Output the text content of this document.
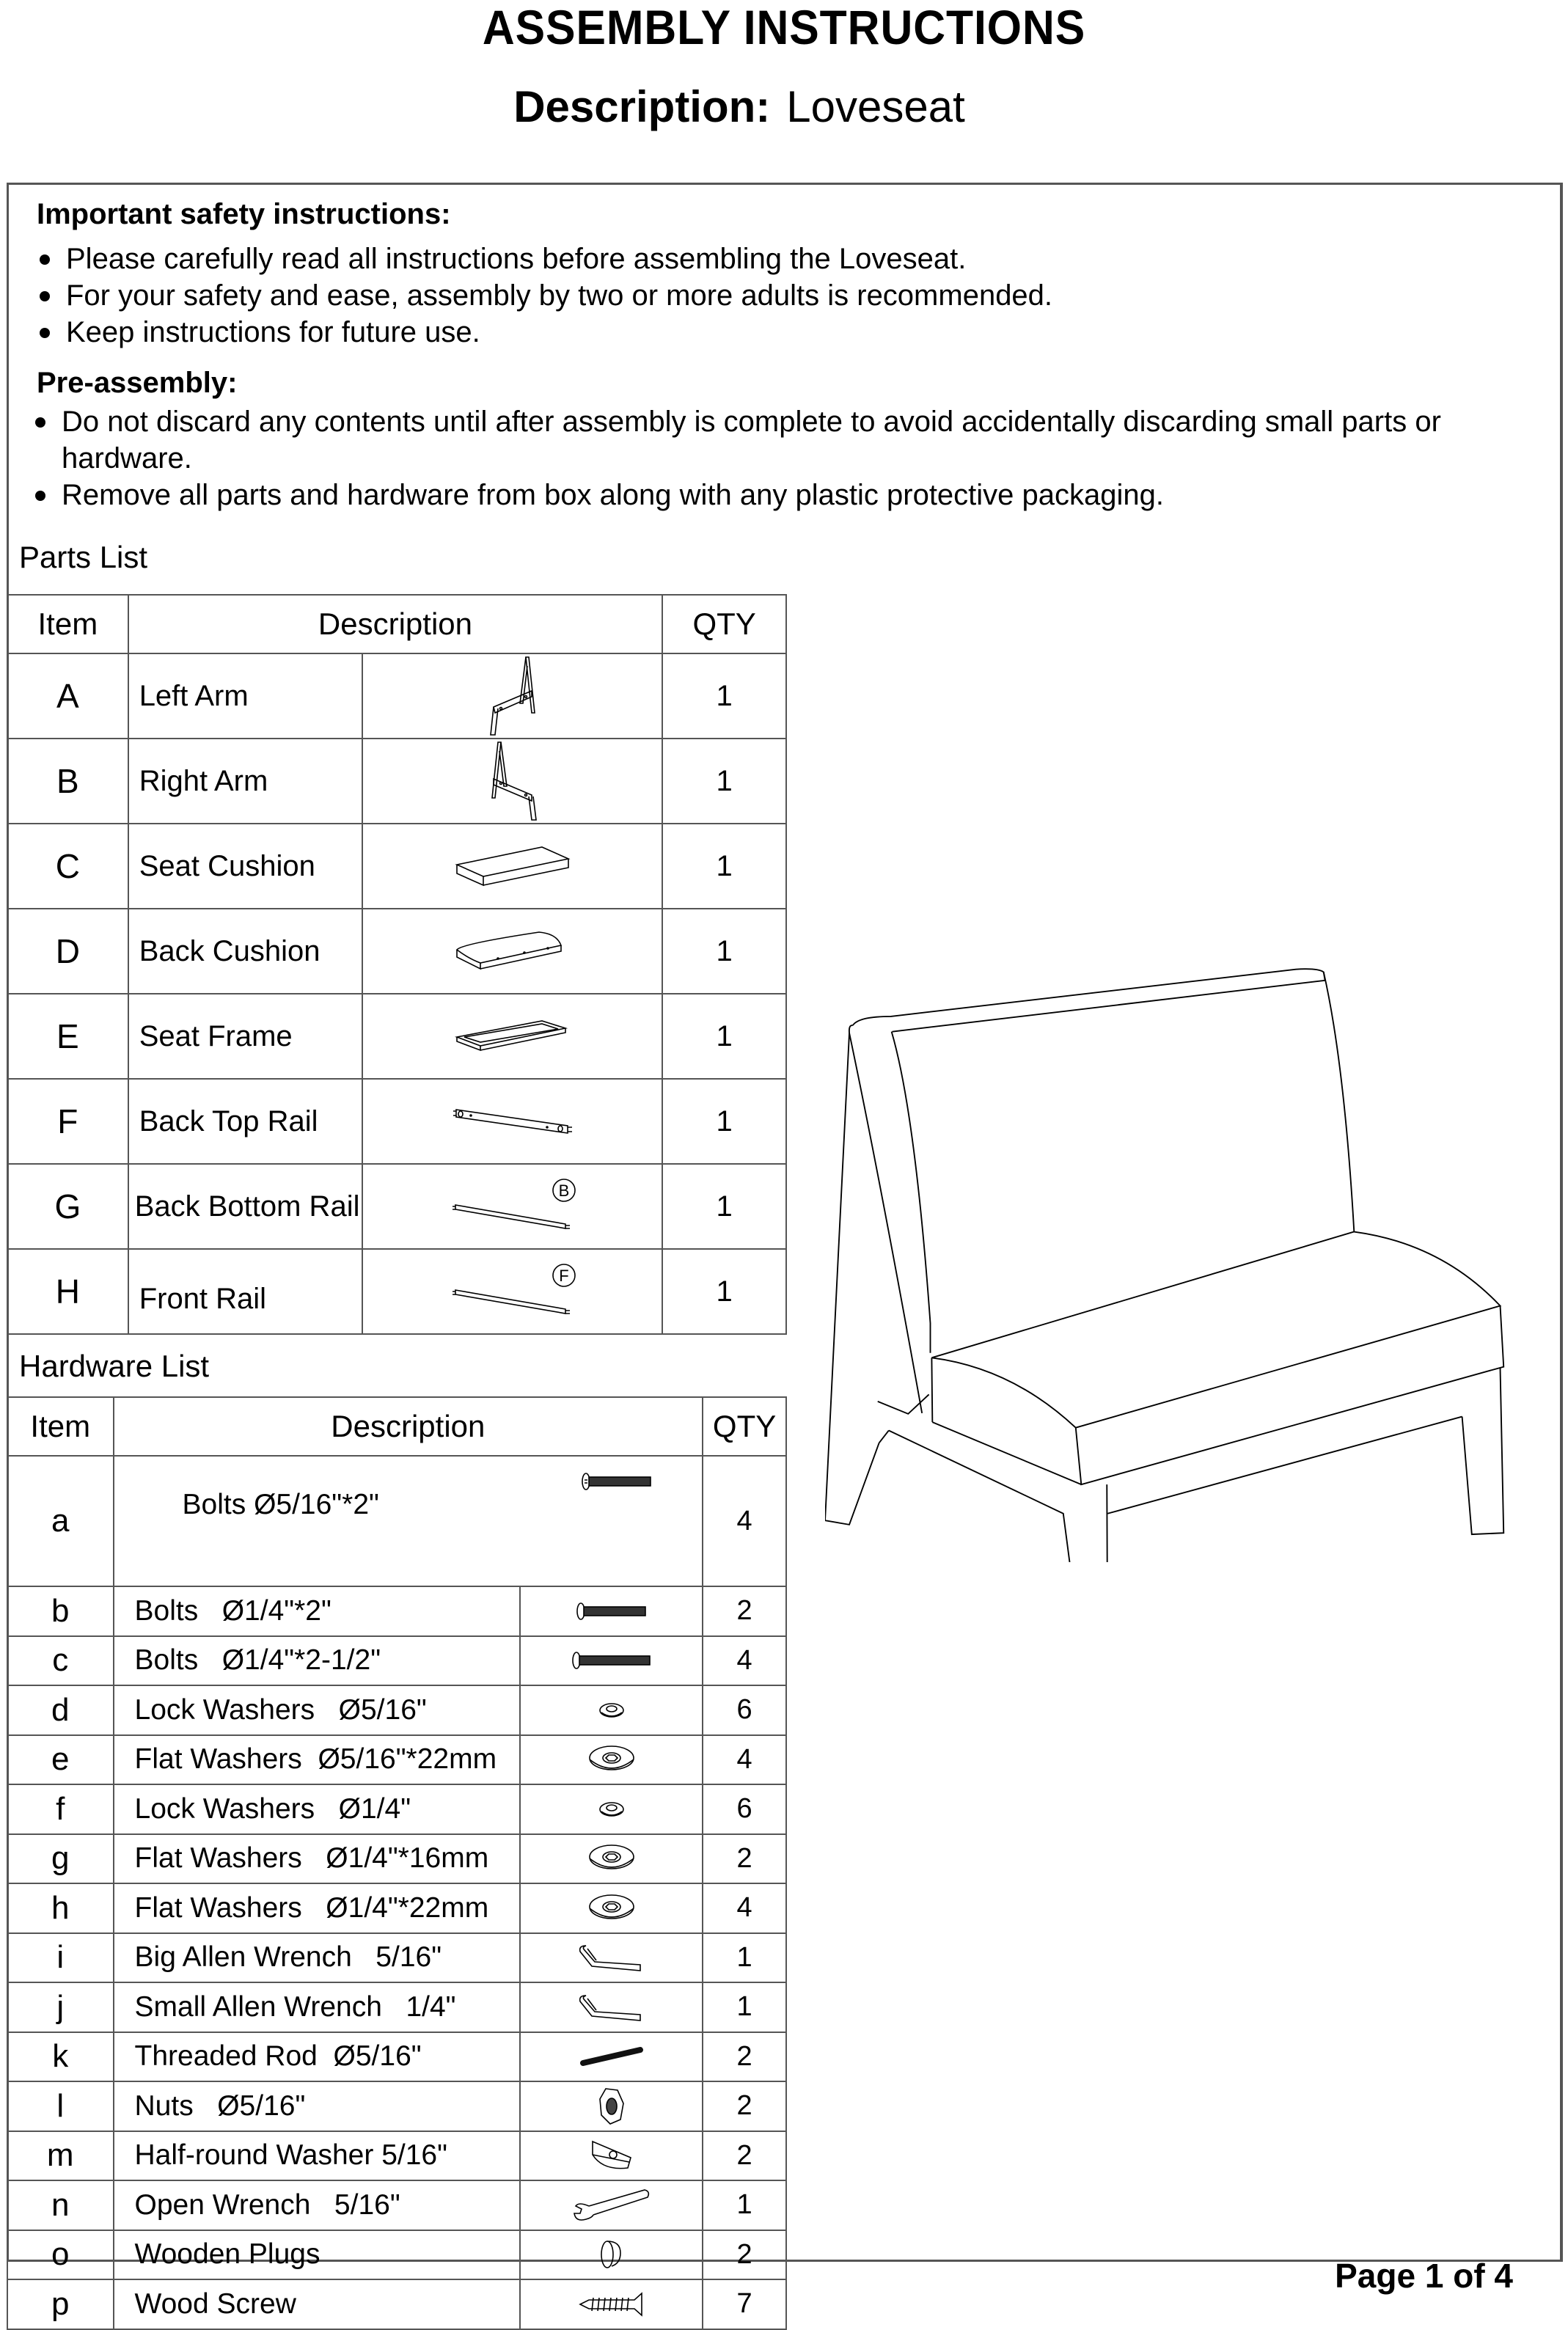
ASSEMBLY INSTRUCTIONS
Description: Loveseat
Important safety instructions:
Please carefully read all instructions before assembling the Loveseat.
For your safety and ease, assembly by two or more adults is recommended.
Keep instructions for future use.
Pre-assembly:
Do not discard any contents until after assembly is complete to avoid accidentally discarding small parts or hardware.
Remove all parts and hardware from box along with any plastic protective packaging.
Parts List
Item	Description		QTY
A	Left Arm		1
B	Right Arm		1
C	Seat Cushion		1
D	Back Cushion		1
E	Seat Frame		1
F	Back Top Rail		1
G	Back Bottom Rail	B	1
H	Front Rail	F	1
Hardware List
Item	Description		QTY
a	Bolts Ø5/16"*2"		4
b	Bolts   Ø1/4"*2"		2
c	Bolts   Ø1/4"*2-1/2"		4
d	Lock Washers   Ø5/16"		6
e	Flat Washers  Ø5/16"*22mm		4
f	Lock Washers   Ø1/4"		6
g	Flat Washers   Ø1/4"*16mm		2
h	Flat Washers   Ø1/4"*22mm		4
i	Big Allen Wrench   5/16"		1
j	Small Allen Wrench   1/4"		1
k	Threaded Rod  Ø5/16"		2
l	Nuts   Ø5/16"		2
m	Half-round Washer 5/16"		2
n	Open Wrench   5/16"		1
o	Wooden Plugs		2
p	Wood Screw		7
Page 1 of 4
